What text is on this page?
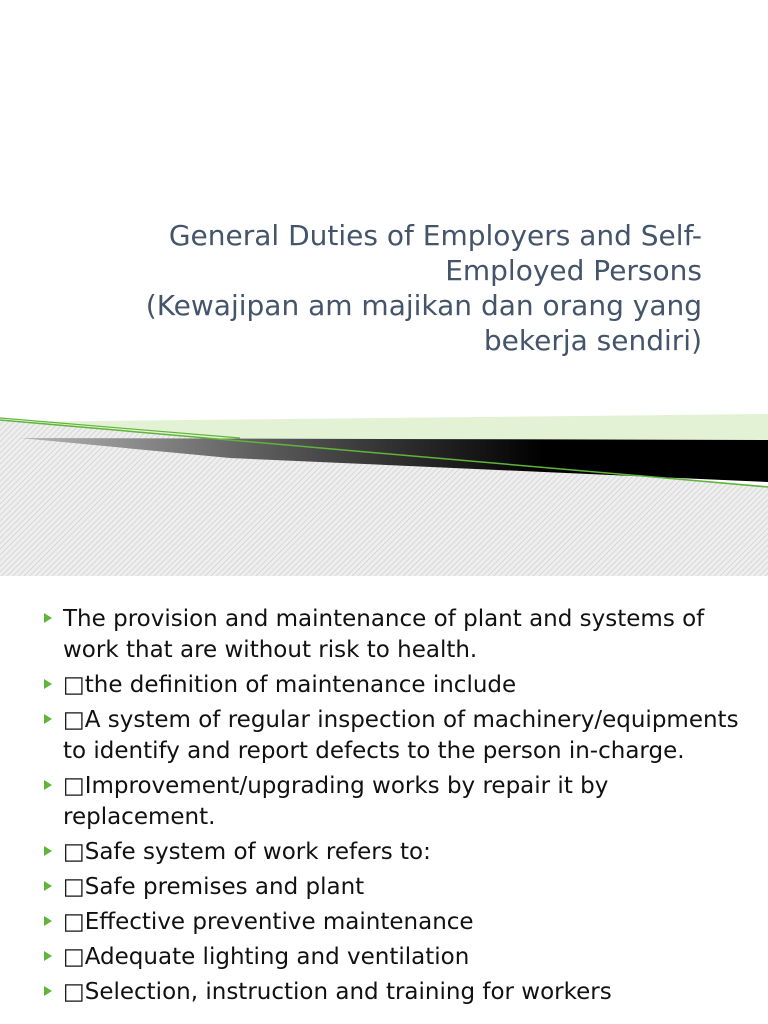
General Duties of Employers and Self-
Employed Persons
(Kewajipan am majikan dan orang yang
bekerja sendiri)
The provision and maintenance of plant and systems of work that are without risk to health.
□the definition of maintenance include
□A system of regular inspection of machinery/equipments to identify and report defects to the person in-charge.
□Improvement/upgrading works by repair it by replacement.
□Safe system of work refers to:
□Safe premises and plant
□Effective preventive maintenance
□Adequate lighting and ventilation
□Selection, instruction and training for workers
